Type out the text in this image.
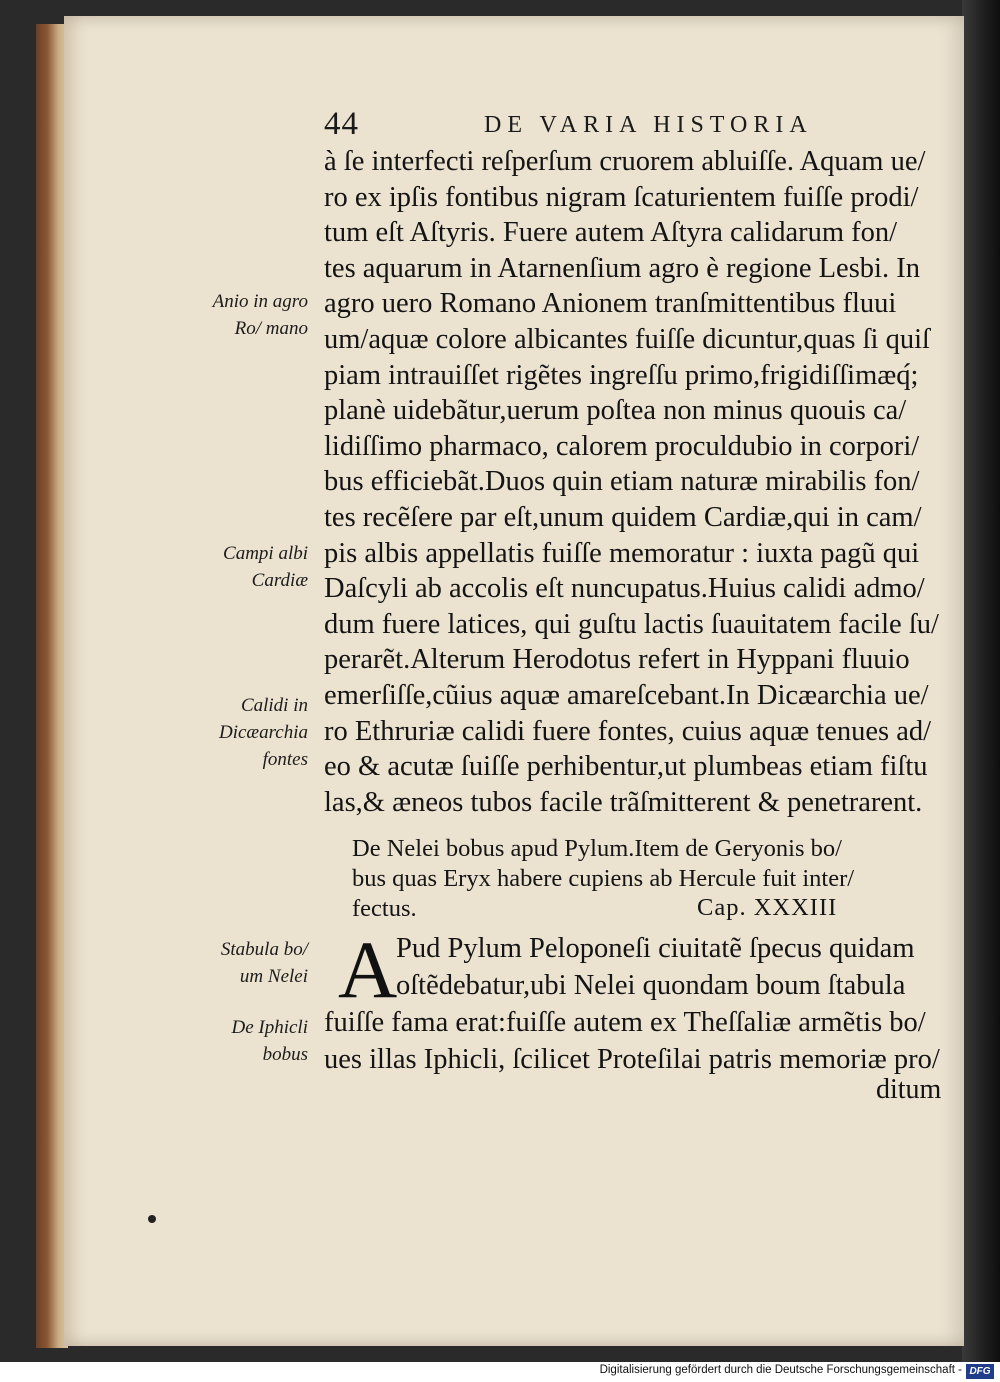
44	DE VARIA HISTORIA
à ſe interfecti reſperſum cruorem abluiſſe. Aquam ue/
ro ex ipſis fontibus nigram ſcaturientem fuiſſe prodi/
tum eſt Aſtyris. Fuere autem Aſtyra calidarum fon/
tes aquarum in Atarnenſium agro è regione Lesbi. In
agro uero Romano Anionem tranſmittentibus fluui
um/aquæ colore albicantes fuiſſe dicuntur,quas ſi quiſ
piam intrauiſſet rigẽtes ingreſſu primo,frigidiſſimæq́;
planè uidebãtur,uerum poſtea non minus quouis ca/
lidiſſimo pharmaco, calorem proculdubio in corpori/
bus efficiebãt.Duos quin etiam naturæ mirabilis fon/
tes recẽſere par eſt,unum quidem Cardiæ,qui in cam/
pis albis appellatis fuiſſe memoratur : iuxta pagũ qui
Daſcyli ab accolis eſt nuncupatus.Huius calidi admo/
dum fuere latices, qui guſtu lactis ſuauitatem facile ſu/
perarẽt.Alterum Herodotus refert in Hyppani fluuio
emerſiſſe,cũius aquæ amareſcebant.In Dicæarchia ue/
ro Ethruriæ calidi fuere fontes, cuius aquæ tenues ad/
eo & acutæ ſuiſſe perhibentur,ut plumbeas etiam fiſtu
las,& æneos tubos facile trãſmitterent & penetrarent.
Anio in agro Ro/ mano
Campi albi Cardiæ
Calidi in Dicæarchia fontes
Stabula bo/ um Nelei
De Iphicli bobus
De Nelei bobus apud Pylum.Item de Geryonis bo/
bus quas Eryx habere cupiens ab Hercule fuit inter/
fectus.	Cap. XXXIII
A
Pud Pylum Peloponeſi ciuitatẽ ſpecus quidam
oſtẽdebatur,ubi Nelei quondam boum ſtabula
fuiſſe fama erat:fuiſſe autem ex Theſſaliæ armẽtis bo/
ues illas Iphicli, ſcilicet Proteſilai patris memoriæ pro/
ditum
Digitalisierung gefördert durch die Deutsche Forschungsgemeinschaft - DFG
